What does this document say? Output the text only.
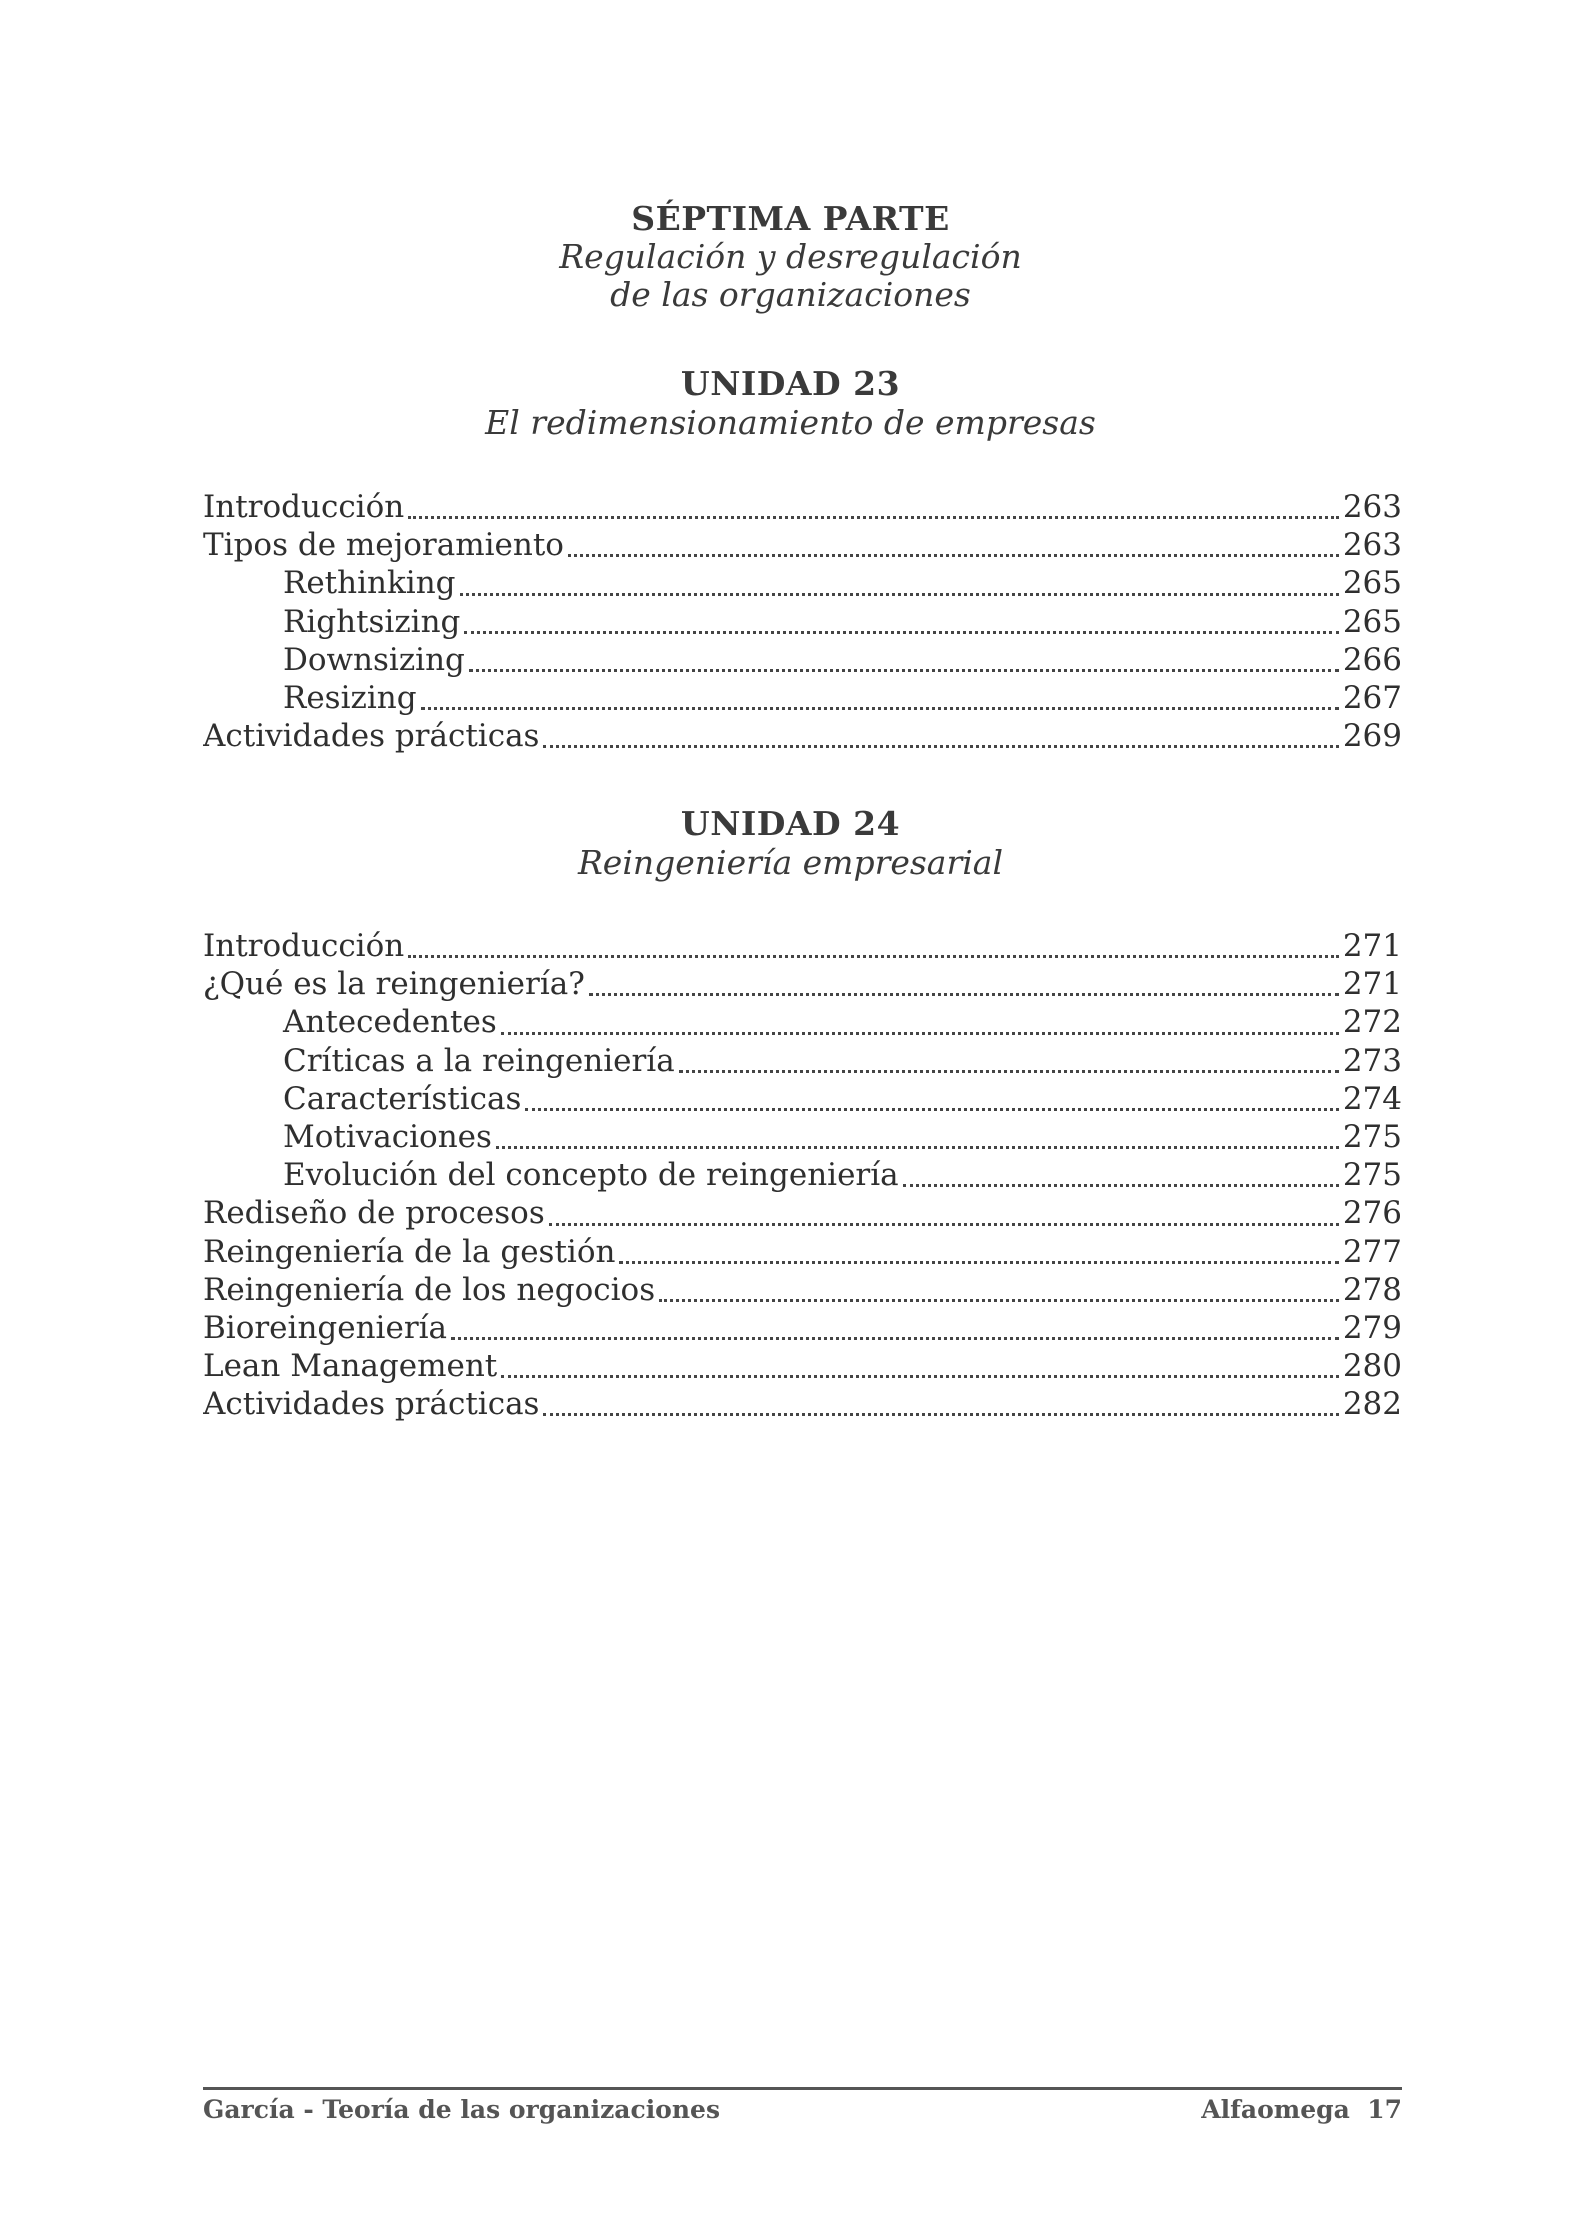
SÉPTIMA PARTE
Regulación y desregulación
de las organizaciones
UNIDAD 23
El redimensionamiento de empresas
Introducción	263
Tipos de mejoramiento	263
Rethinking	265
Rightsizing	265
Downsizing	266
Resizing	267
Actividades prácticas	269
UNIDAD 24
Reingeniería empresarial
Introducción	271
¿Qué es la reingeniería?	271
Antecedentes	272
Críticas a la reingeniería	273
Características	274
Motivaciones	275
Evolución del concepto de reingeniería	275
Rediseño de procesos	276
Reingeniería de la gestión	277
Reingeniería de los negocios	278
Bioreingeniería	279
Lean Management	280
Actividades prácticas	282
García - Teoría de las organizaciones	Alfaomega 17
